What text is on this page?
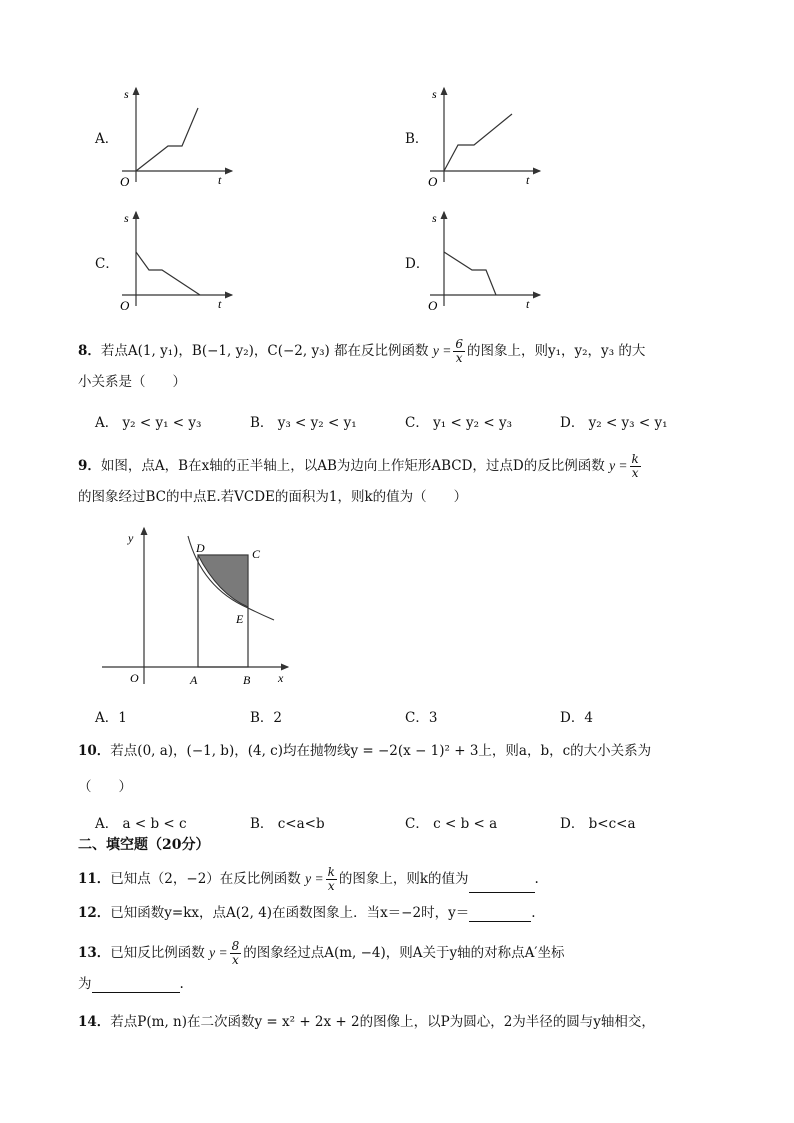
A．	B．
C．	D．
s
t
O
s
t
O
s
t
O
s
t
O
8．若点A(1, y₁)，B(−1, y₂)，C(−2, y₃) 都在反比例函数 $y = \frac{6}{x}$ 的图象上，则y₁，y₂，y₃ 的大
小关系是（　　）
A． y₂ < y₁ < y₃	B． y₃ < y₂ < y₁	C． y₁ < y₂ < y₃	D． y₂ < y₃ < y₁
9．如图，点A，B在x轴的正半轴上，以AB为边向上作矩形ABCD，过点D的反比例函数 $y = \frac{k}{x}$
的图象经过BC的中点E.若VCDE的面积为1，则k的值为（　　）
y
x
O	A	B
C
D
E
A．1	B．2	C．3	D．4
10．若点(0, a)，(−1, b)，(4, c)均在抛物线y = −2(x − 1)² + 3上，则a，b，c的大小关系为
（　　）
A． a < b < c	B． c<a<b	C． c < b < a	D． b<c<a
二、填空题（20分）
11．已知点（2，−2）在反比例函数 $y = \frac{k}{x}$ 的图象上，则k的值为	.
12．已知函数y=kx，点A(2, 4)在函数图象上．当x＝−2时，y＝	.
13．已知反比例函数 $y = \frac{8}{x}$ 的图象经过点A(m, −4)，则A关于y轴的对称点A′坐标
为	.
14．若点P(m, n)在二次函数y = x² + 2x + 2的图像上，以P为圆心，2为半径的圆与y轴相交，
